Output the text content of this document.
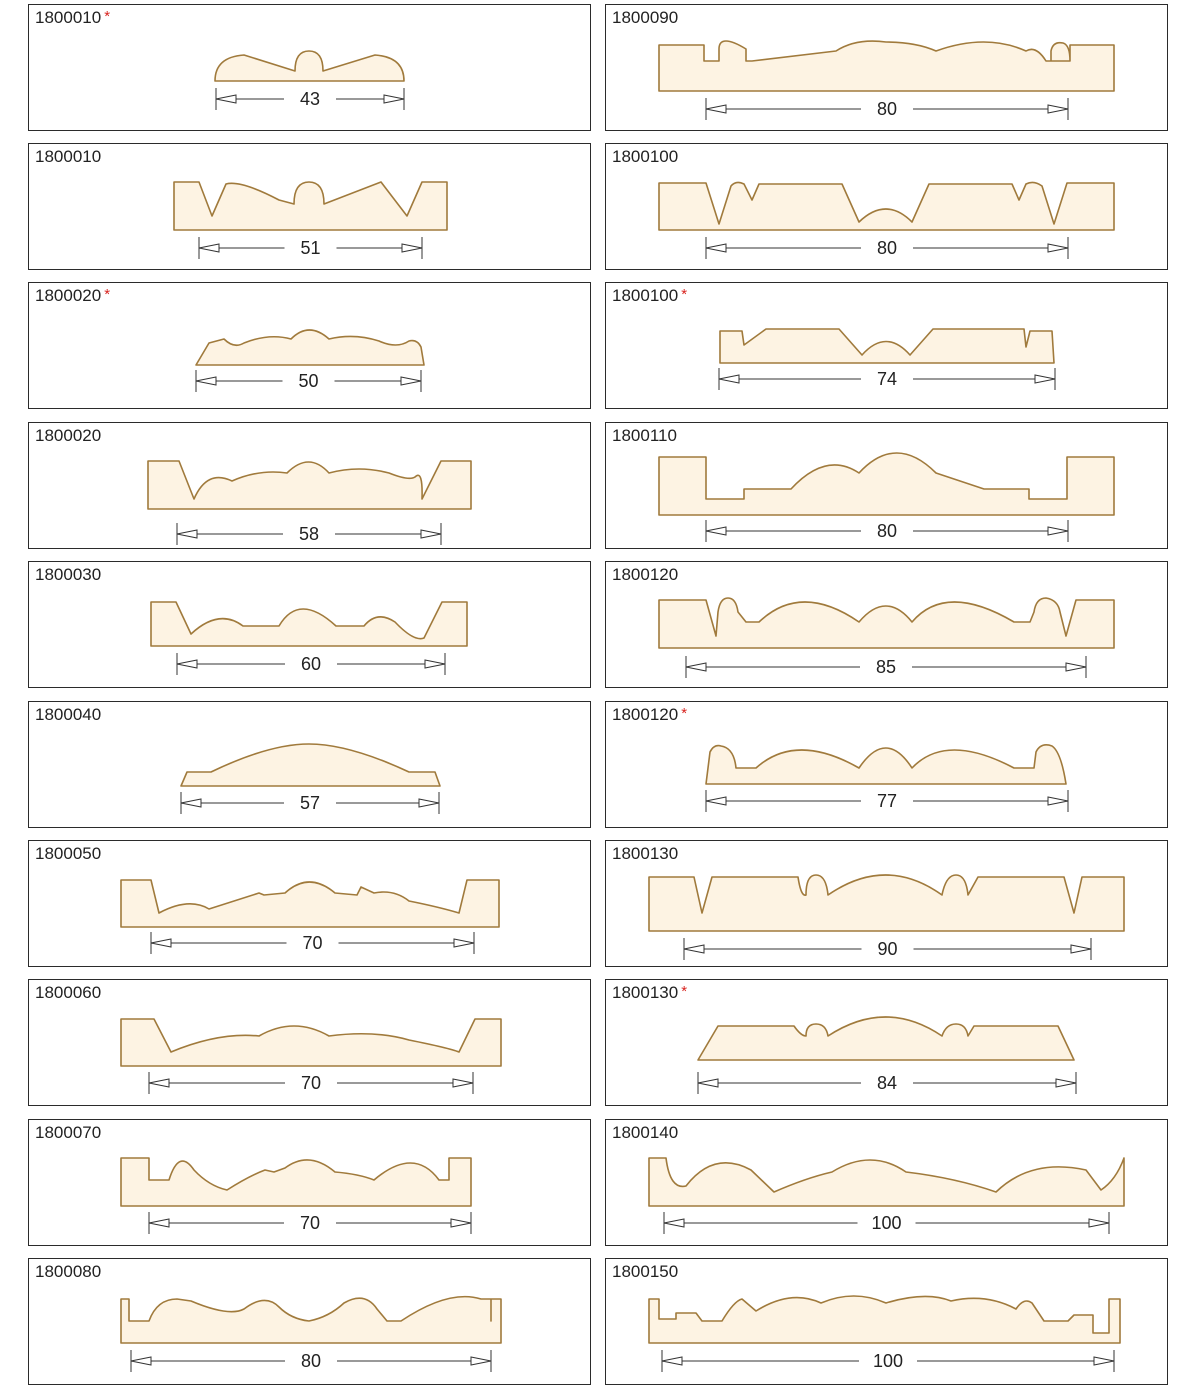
1800010 *
43
1800090
80
1800010
51
1800100
80
1800020 *
50
1800100 *
74
1800020
58
1800110
80
1800030
60
1800120
85
1800040
57
1800120 *
77
1800050
70
1800130
90
1800060
70
1800130 *
84
1800070
70
1800140
100
1800080
80
1800150
100
